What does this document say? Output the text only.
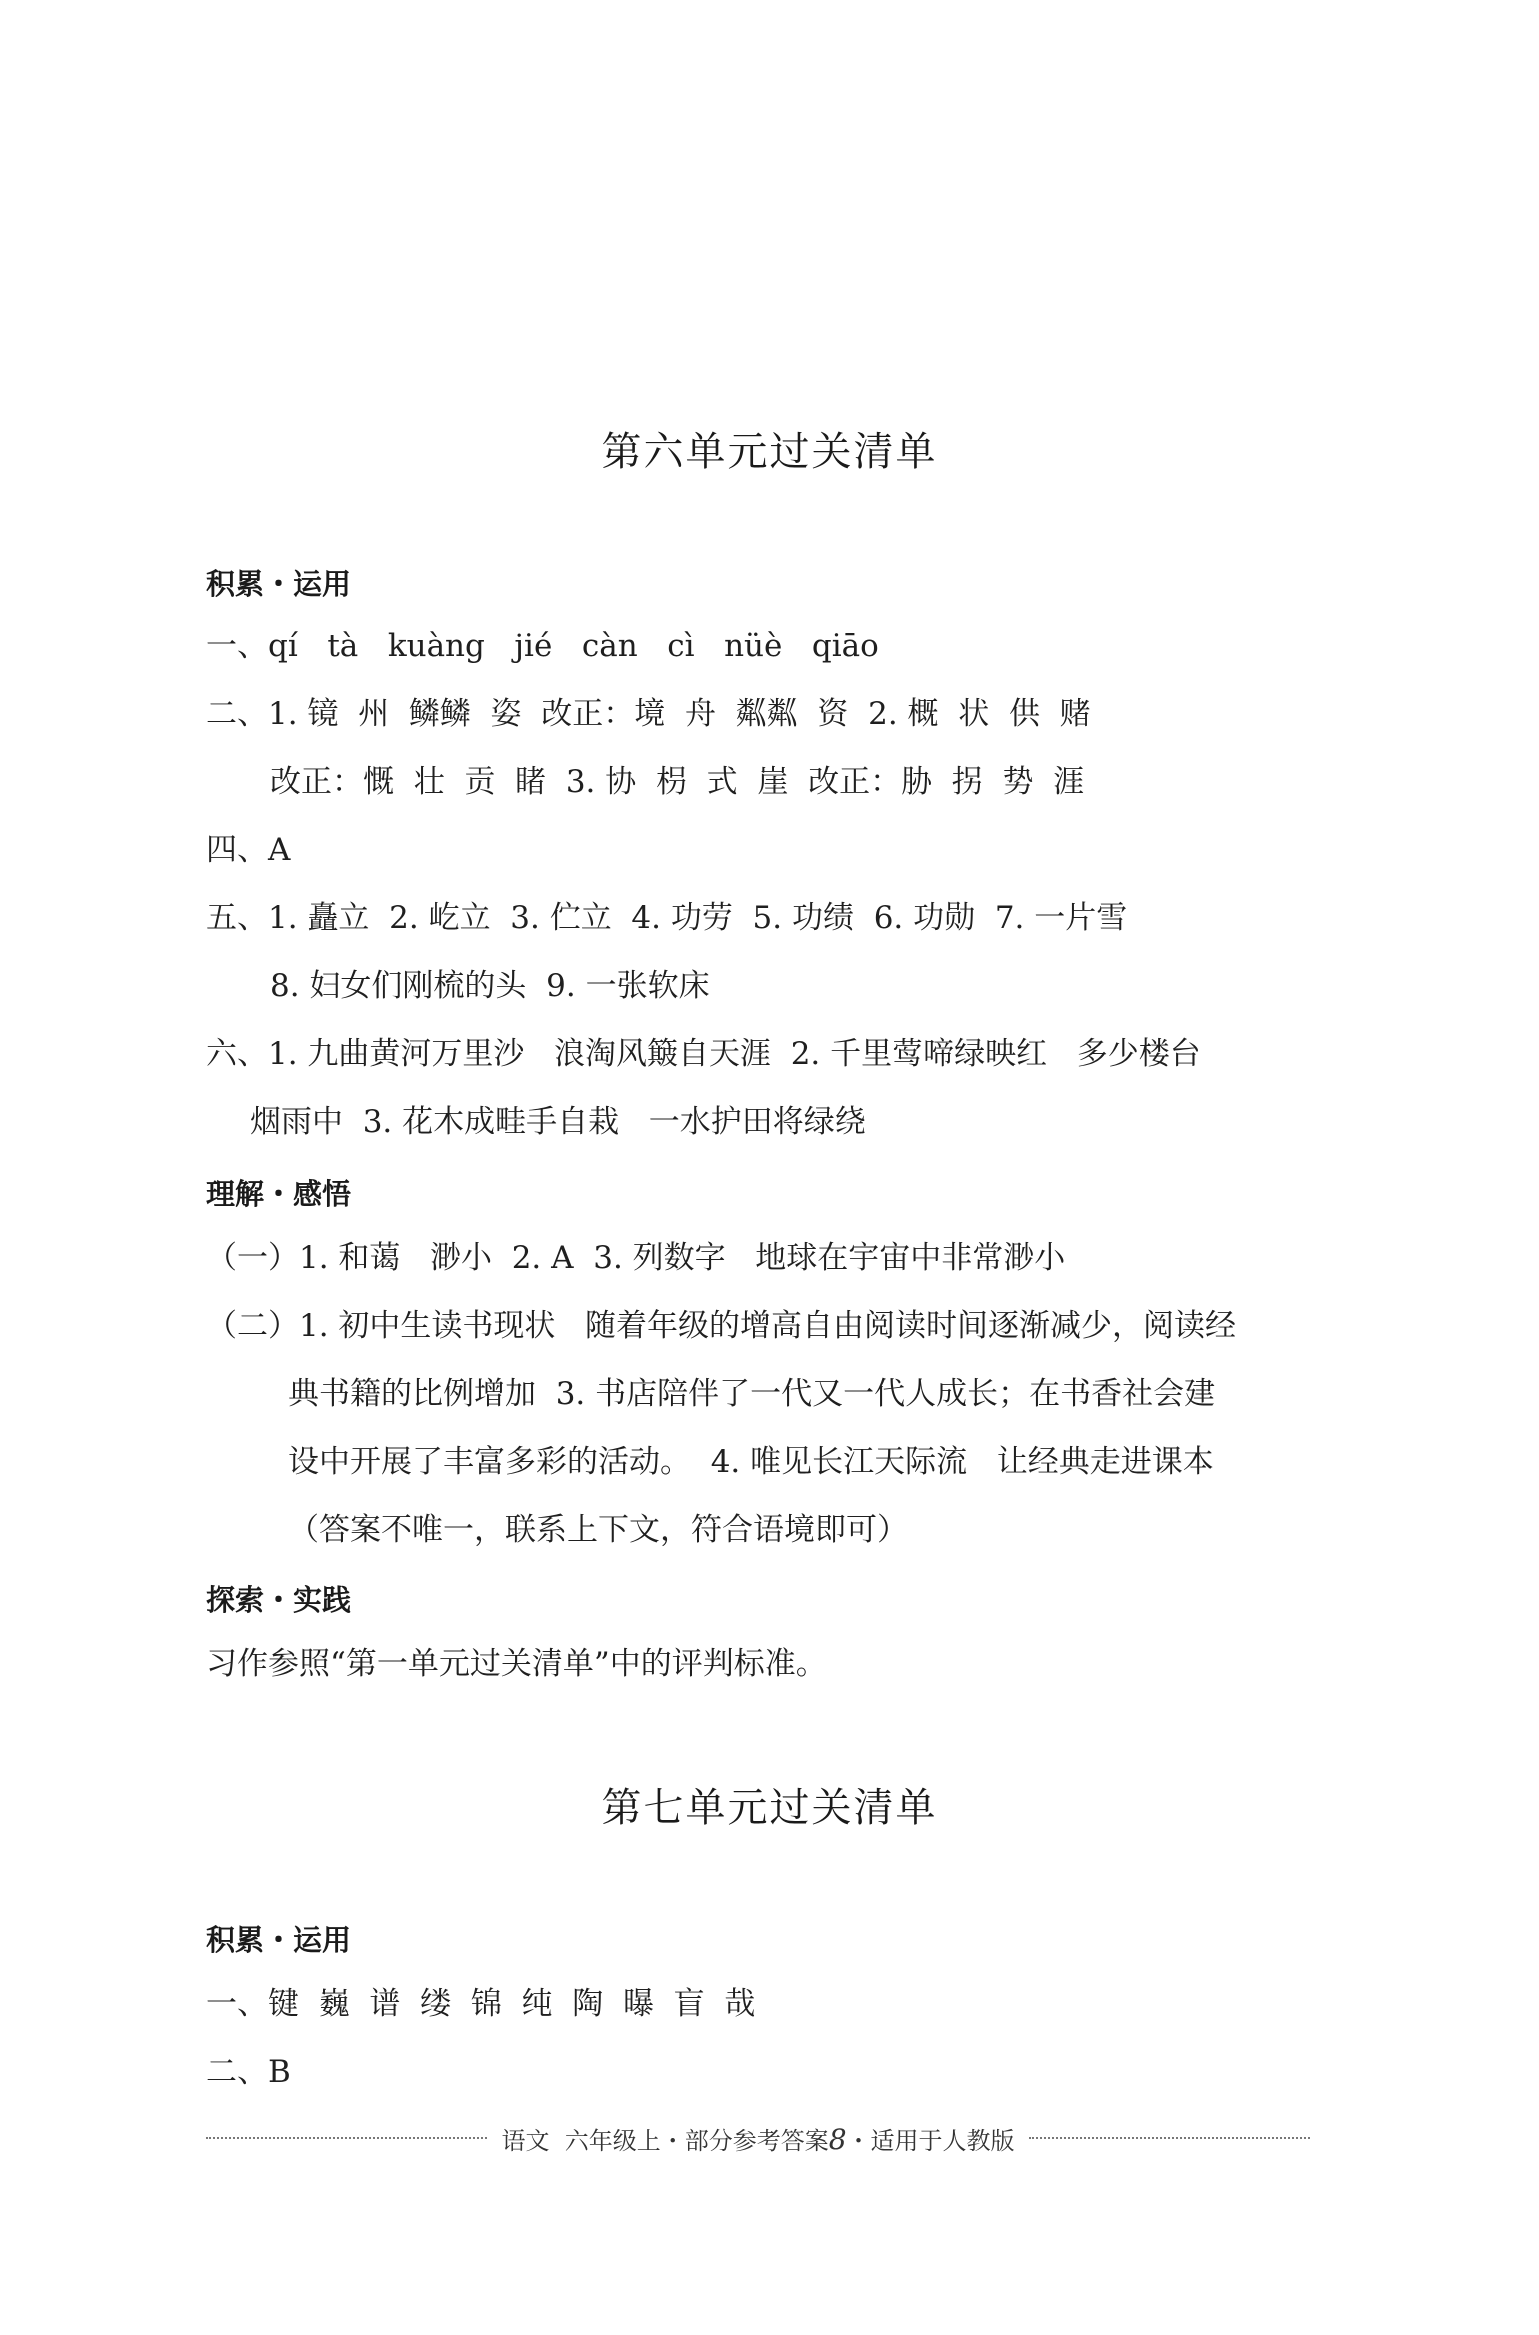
第六单元过关清单
积累・运用
一、qí   tà   kuàng   jié   càn   cì   nüè   qiāo
二、1. 镜  州  鳞鳞  姿  改正：境  舟  粼粼  资  2. 概  状  供  赌
改正：慨  壮  贡  睹  3. 协  枴  式  崖  改正：胁  拐  势  涯
四、A
五、1. 矗立  2. 屹立  3. 伫立  4. 功劳  5. 功绩  6. 功勋  7. 一片雪
8. 妇女们刚梳的头  9. 一张软床
六、1. 九曲黄河万里沙   浪淘风簸自天涯  2. 千里莺啼绿映红   多少楼台
烟雨中  3. 花木成畦手自栽   一水护田将绿绕
理解・感悟
（一）1. 和蔼   渺小  2. A  3. 列数字   地球在宇宙中非常渺小
（二）1. 初中生读书现状   随着年级的增高自由阅读时间逐渐减少，阅读经
典书籍的比例增加  3. 书店陪伴了一代又一代人成长；在书香社会建
设中开展了丰富多彩的活动。  4. 唯见长江天际流   让经典走进课本
（答案不唯一，联系上下文，符合语境即可）
探索・实践
习作参照“第一单元过关清单”中的评判标准。
第七单元过关清单
积累・运用
一、键  巍  谱  缕  锦  纯  陶  曝  盲  哉
二、B
语文  六年级上・部分参考答案8・适用于人教版
